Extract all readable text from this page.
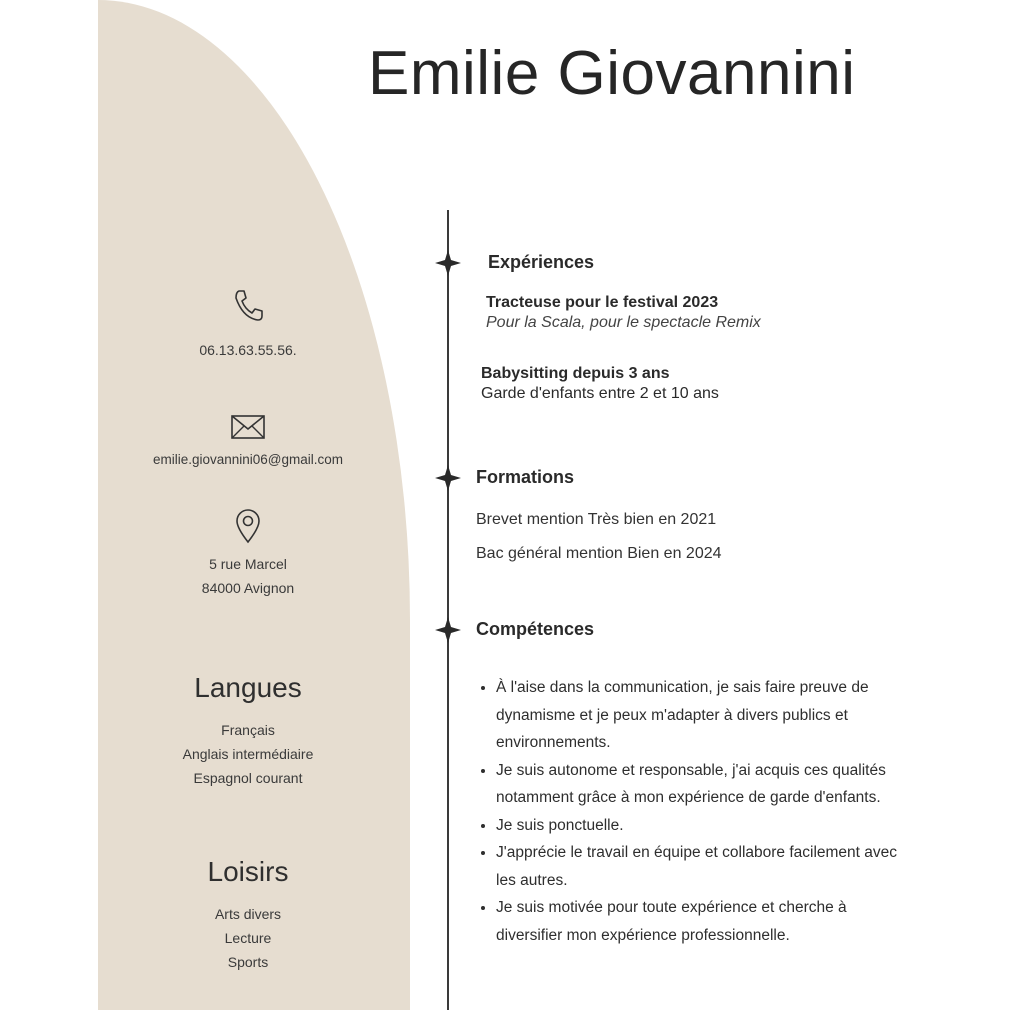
Emilie Giovannini
06.13.63.55.56.
emilie.giovannini06@gmail.com
5 rue Marcel
84000 Avignon
Langues
Français
Anglais intermédiaire
Espagnol courant
Loisirs
Arts divers
Lecture
Sports
Expériences
Tracteuse pour le festival 2023
Pour la Scala, pour le spectacle Remix
Babysitting depuis 3 ans
Garde d'enfants entre 2 et 10 ans
Formations
Brevet mention Très bien en 2021
Bac général mention Bien en 2024
Compétences
• À l'aise dans la communication, je sais faire preuve de dynamisme et je peux m'adapter à divers publics et environnements.
• Je suis autonome et responsable, j'ai acquis ces qualités notamment grâce à mon expérience de garde d'enfants.
• Je suis ponctuelle.
• J'apprécie le travail en équipe et collabore facilement avec les autres.
• Je suis motivée pour toute expérience et cherche à diversifier mon expérience professionnelle.
